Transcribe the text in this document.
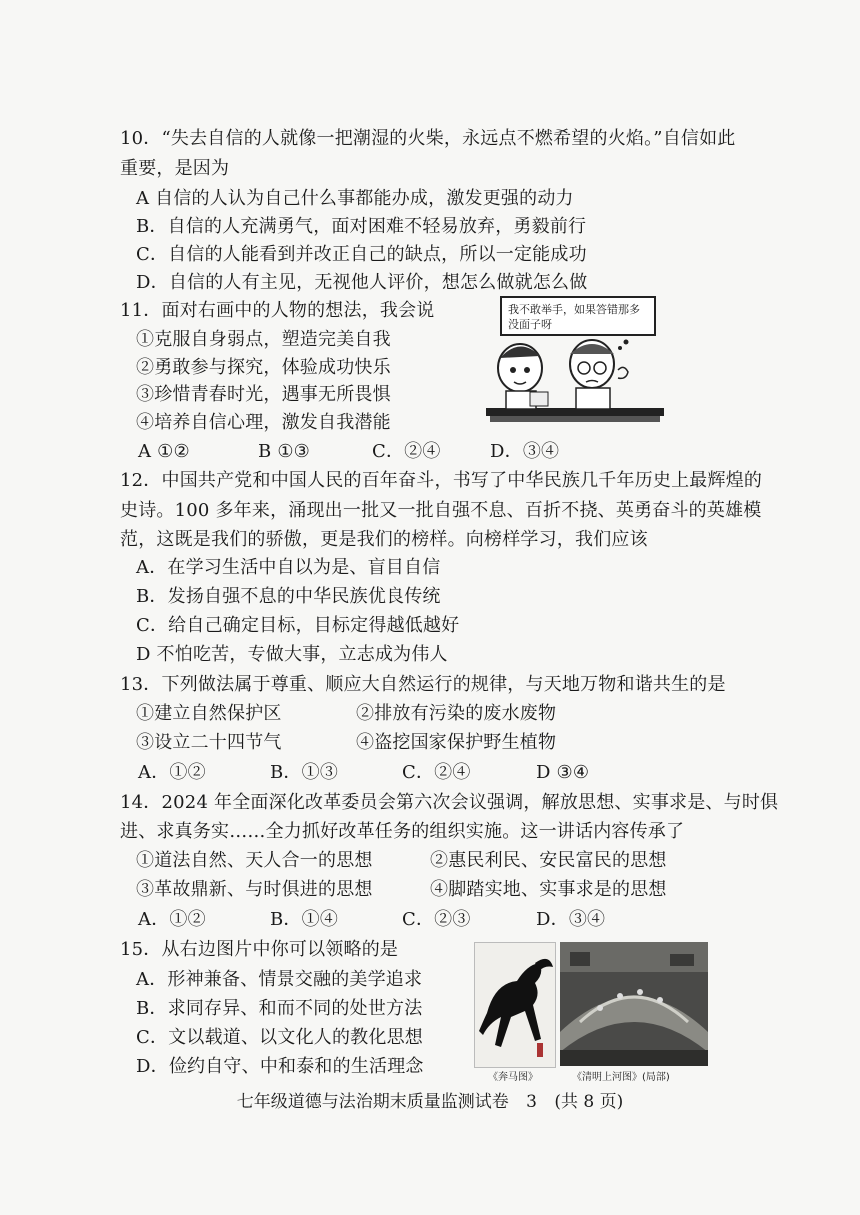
10．“失去自信的人就像一把潮湿的火柴，永远点不燃希望的火焰。”自信如此
重要，是因为
A 自信的人认为自己什么事都能办成，激发更强的动力
B．自信的人充满勇气，面对困难不轻易放弃，勇毅前行
C．自信的人能看到并改正自己的缺点，所以一定能成功
D．自信的人有主见，无视他人评价，想怎么做就怎么做
11．面对右画中的人物的想法，我会说
①克服自身弱点，塑造完美自我
②勇敢参与探究，体验成功快乐
③珍惜青春时光，遇事无所畏惧
④培养自信心理，激发自我潜能
A ①②	B ①③	C．②④	D．③④
我不敢举手，如果答错那多没面子呀
12．中国共产党和中国人民的百年奋斗，书写了中华民族几千年历史上最辉煌的
史诗。100 多年来，涌现出一批又一批自强不息、百折不挠、英勇奋斗的英雄模
范，这既是我们的骄傲，更是我们的榜样。向榜样学习，我们应该
A．在学习生活中自以为是、盲目自信
B．发扬自强不息的中华民族优良传统
C．给自己确定目标，目标定得越低越好
D 不怕吃苦，专做大事，立志成为伟人
13．下列做法属于尊重、顺应大自然运行的规律，与天地万物和谐共生的是
①建立自然保护区	②排放有污染的废水废物
③设立二十四节气	④盗挖国家保护野生植物
A．①②	B．①③	C．②④	D ③④
14．2024 年全面深化改革委员会第六次会议强调，解放思想、实事求是、与时俱
进、求真务实……全力抓好改革任务的组织实施。这一讲话内容传承了
①道法自然、天人合一的思想	②惠民利民、安民富民的思想
③革故鼎新、与时俱进的思想	④脚踏实地、实事求是的思想
A．①②	B．①④	C．②③	D．③④
15．从右边图片中你可以领略的是
A．形神兼备、情景交融的美学追求
B．求同存异、和而不同的处世方法
C．文以载道、以文化人的教化思想
D．俭约自守、中和泰和的生活理念
《奔马图》	《清明上河图》(局部)
七年级道德与法治期末质量监测试卷 3 (共 8 页)
